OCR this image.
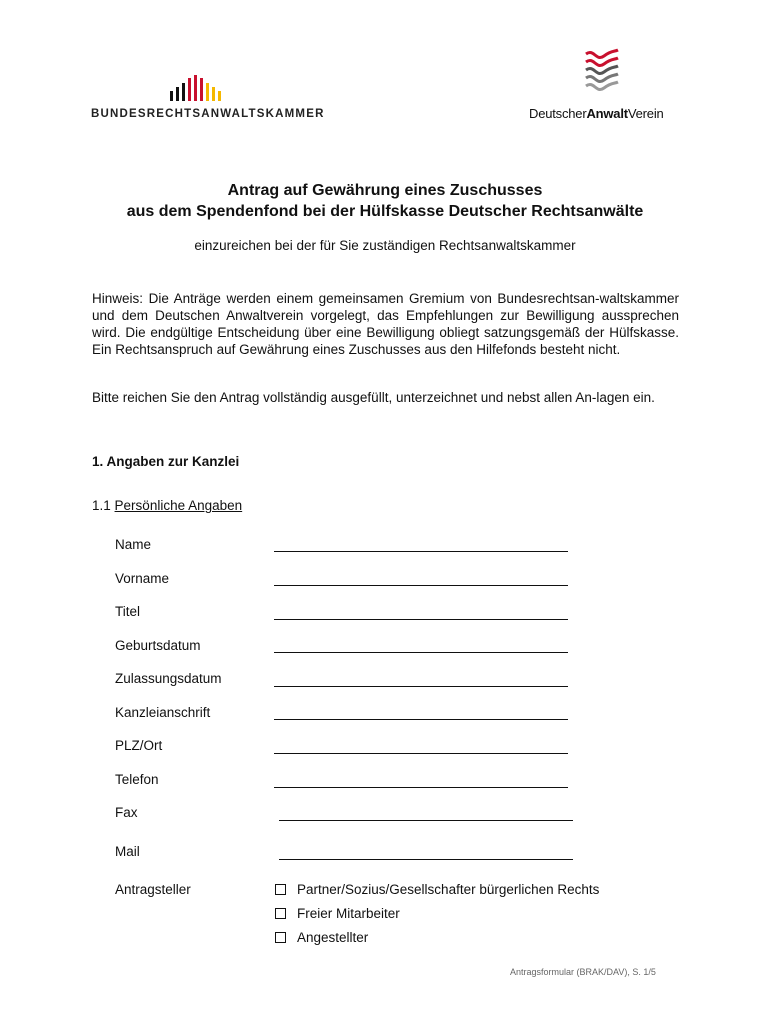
BUNDESRECHTSANWALTSKAMMER	DeutscherAnwaltVerein
Antrag auf Gewährung eines Zuschusses
aus dem Spendenfond bei der Hülfskasse Deutscher Rechtsanwälte
einzureichen bei der für Sie zuständigen Rechtsanwaltskammer
Hinweis: Die Anträge werden einem gemeinsamen Gremium von Bundesrechtsan-waltskammer und dem Deutschen Anwaltverein vorgelegt, das Empfehlungen zur Bewilligung aussprechen wird. Die endgültige Entscheidung über eine Bewilligung obliegt satzungsgemäß der Hülfskasse. Ein Rechtsanspruch auf Gewährung eines Zuschusses aus den Hilfefonds besteht nicht.
Bitte reichen Sie den Antrag vollständig ausgefüllt, unterzeichnet und nebst allen An-lagen ein.
1. Angaben zur Kanzlei
1.1 Persönliche Angaben
Name
Vorname
Titel
Geburtsdatum
Zulassungsdatum
Kanzleianschrift
PLZ/Ort
Telefon
Fax
Mail
Antragsteller	Partner/Sozius/Gesellschafter bürgerlichen Rechts
Freier Mitarbeiter
Angestellter
Antragsformular (BRAK/DAV), S. 1/5
